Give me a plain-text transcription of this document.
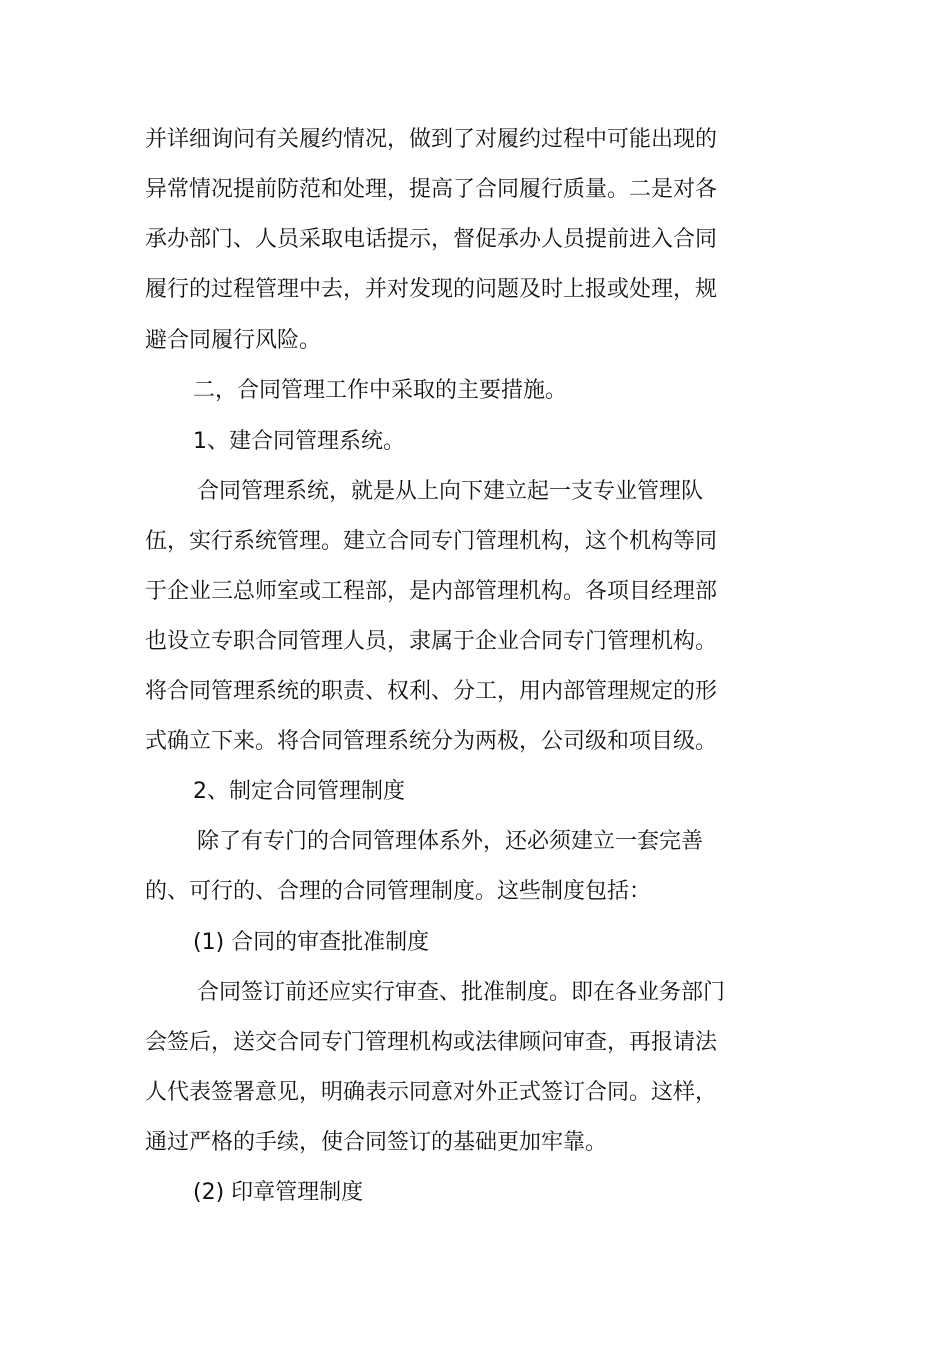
并详细询问有关履约情况，做到了对履约过程中可能出现的
异常情况提前防范和处理，提高了合同履行质量。二是对各
承办部门、人员采取电话提示，督促承办人员提前进入合同
履行的过程管理中去，并对发现的问题及时上报或处理，规
避合同履行风险。
二，合同管理工作中采取的主要措施。
1、建合同管理系统。
合同管理系统，就是从上向下建立起一支专业管理队
伍，实行系统管理。建立合同专门管理机构，这个机构等同
于企业三总师室或工程部，是内部管理机构。各项目经理部
也设立专职合同管理人员，隶属于企业合同专门管理机构。
将合同管理系统的职责、权利、分工，用内部管理规定的形
式确立下来。将合同管理系统分为两极，公司级和项目级。
2、制定合同管理制度
除了有专门的合同管理体系外，还必须建立一套完善
的、可行的、合理的合同管理制度。这些制度包括：
(1) 合同的审查批准制度
合同签订前还应实行审查、批准制度。即在各业务部门
会签后，送交合同专门管理机构或法律顾问审查，再报请法
人代表签署意见，明确表示同意对外正式签订合同。这样，
通过严格的手续，使合同签订的基础更加牢靠。
(2) 印章管理制度
